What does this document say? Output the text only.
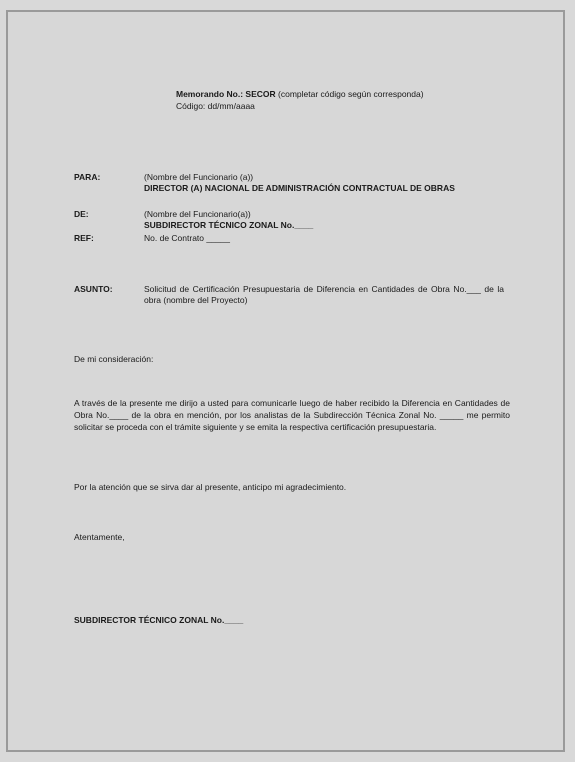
Memorando No.: SECOR (completar código según corresponda)
Código: dd/mm/aaaa
PARA:	(Nombre del Funcionario (a))
DIRECTOR (A) NACIONAL DE ADMINISTRACIÓN CONTRACTUAL DE OBRAS
DE:	(Nombre del Funcionario(a))
SUBDIRECTOR TÉCNICO ZONAL No.____
REF:	No. de Contrato _____
ASUNTO:	Solicitud de Certificación Presupuestaria de Diferencia en Cantidades de Obra No.___ de la obra (nombre del Proyecto)
De mi consideración:
A través de la presente me dirijo a usted para comunicarle luego de haber recibido la Diferencia en Cantidades de Obra No.____ de la obra en mención, por los analistas de la Subdirección Técnica Zonal No. _____ me permito solicitar se proceda con el trámite siguiente y se emita la respectiva certificación presupuestaria.
Por la atención que se sirva dar al presente, anticipo mi agradecimiento.
Atentamente,
SUBDIRECTOR TÉCNICO ZONAL No.____
